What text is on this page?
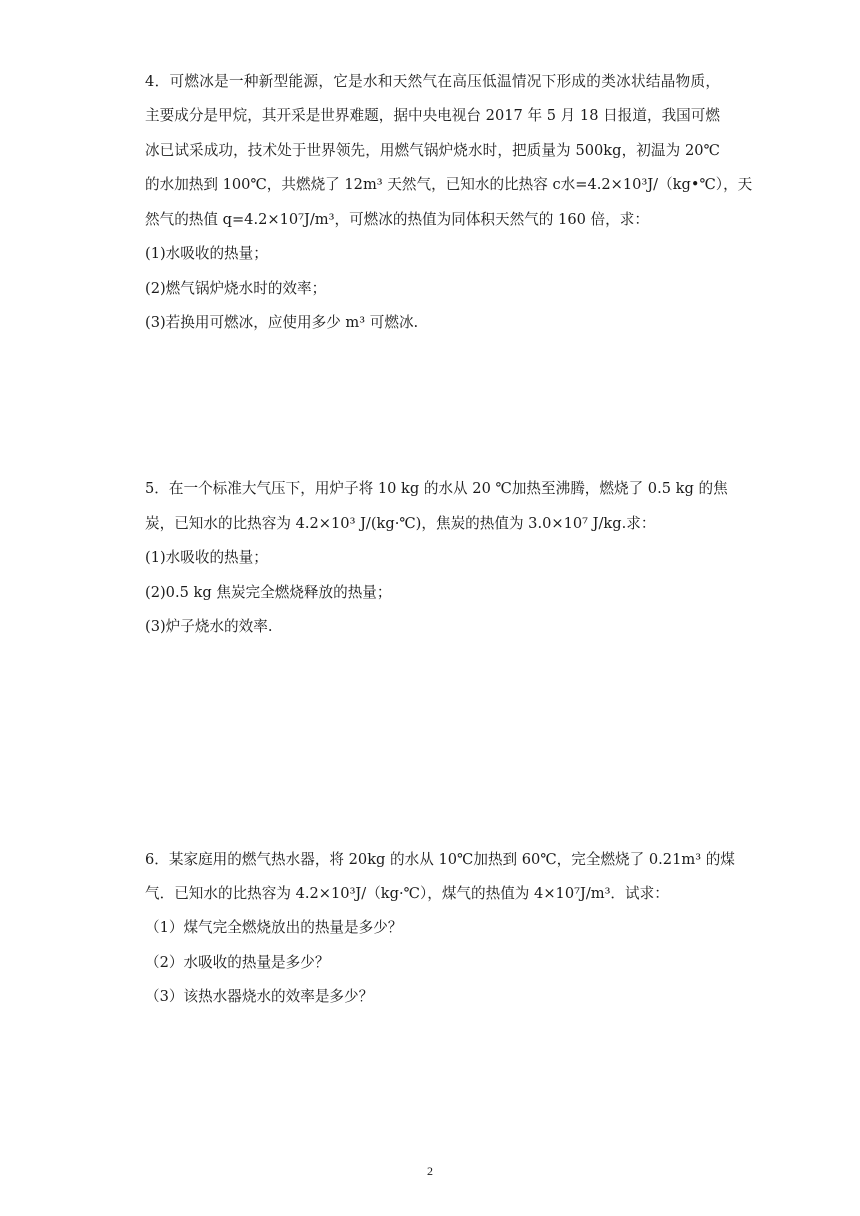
4．可燃冰是一种新型能源，它是水和天然气在高压低温情况下形成的类冰状结晶物质，
主要成分是甲烷，其开采是世界难题，据中央电视台 2017 年 5 月 18 日报道，我国可燃
冰已试采成功，技术处于世界领先，用燃气锅炉烧水时，把质量为 500kg，初温为 20℃
的水加热到 100℃，共燃烧了 12m³ 天然气，已知水的比热容 c水=4.2×10³J/（kg•℃），天
然气的热值 q=4.2×10⁷J/m³，可燃冰的热值为同体积天然气的 160 倍，求：
(1)水吸收的热量；
(2)燃气锅炉烧水时的效率；
(3)若换用可燃冰，应使用多少 m³ 可燃冰.
5．在一个标准大气压下，用炉子将 10 kg 的水从 20 ℃加热至沸腾，燃烧了 0.5 kg 的焦
炭，已知水的比热容为 4.2×10³ J/(kg·℃)，焦炭的热值为 3.0×10⁷ J/kg.求：
(1)水吸收的热量；
(2)0.5 kg 焦炭完全燃烧释放的热量；
(3)炉子烧水的效率.
6．某家庭用的燃气热水器，将 20kg 的水从 10℃加热到 60℃，完全燃烧了 0.21m³ 的煤
气．已知水的比热容为 4.2×10³J/（kg·℃），煤气的热值为 4×10⁷J/m³．试求：
（1）煤气完全燃烧放出的热量是多少？
（2）水吸收的热量是多少？
（3）该热水器烧水的效率是多少？
2
